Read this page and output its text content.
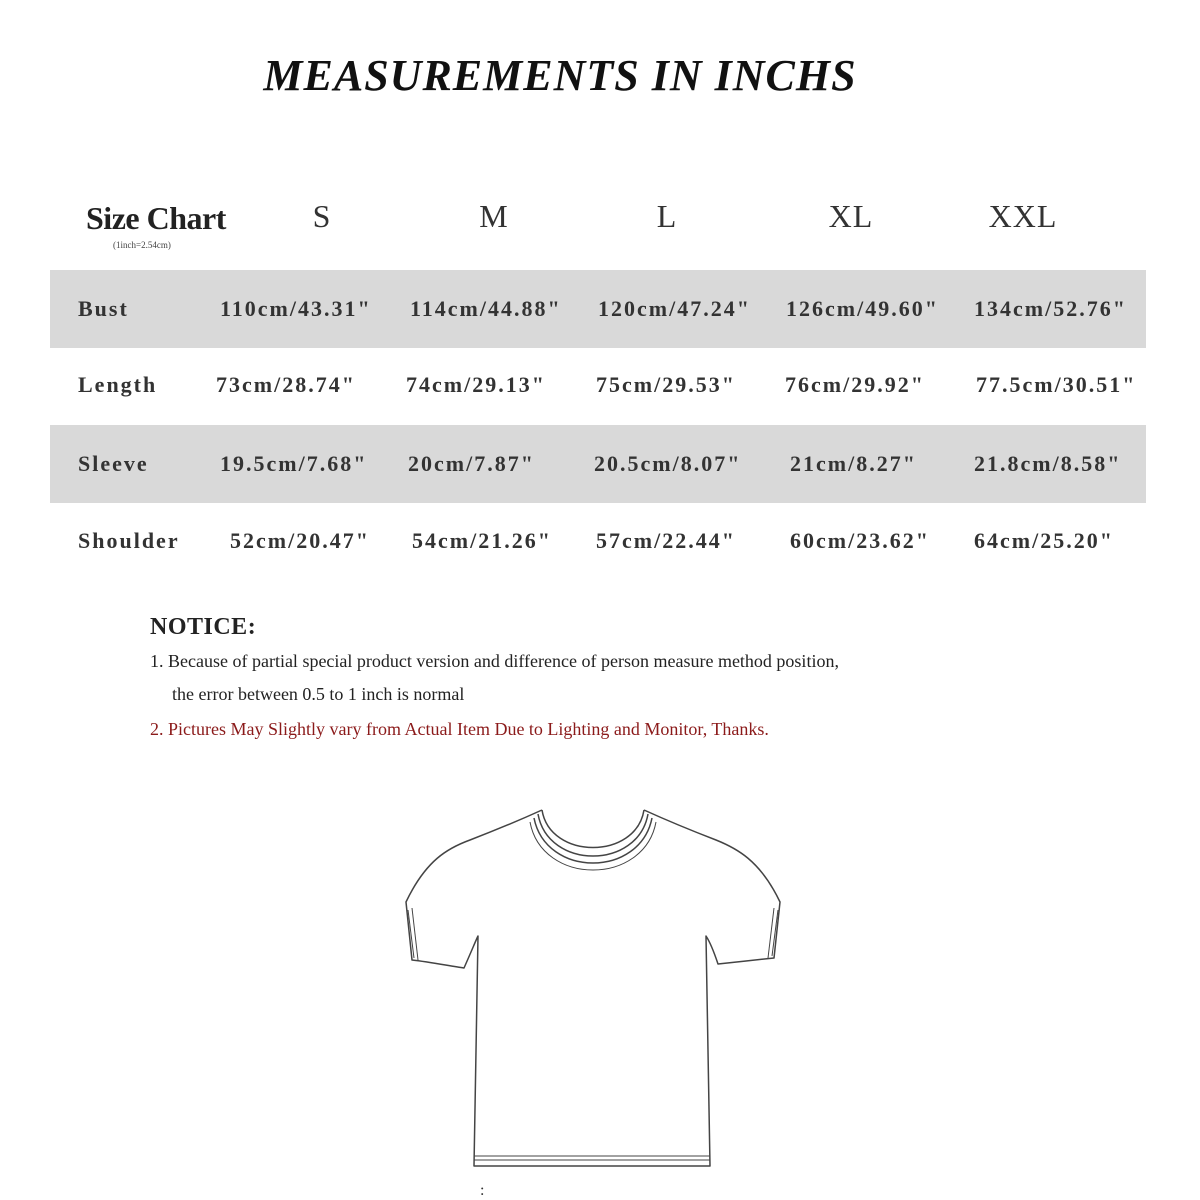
MEASUREMENTS IN INCHS
Size Chart
(1inch=2.54cm)
S	M	L	XL	XXL
Bust	110cm/43.31" 114cm/44.88" 120cm/47.24" 126cm/49.60" 134cm/52.76"
Length	73cm/28.74" 74cm/29.13" 75cm/29.53" 76cm/29.92" 77.5cm/30.51"
Sleeve	19.5cm/7.68" 20cm/7.87"	20.5cm/8.07" 21cm/8.27"	21.8cm/8.58"
Shoulder 52cm/20.47" 54cm/21.26" 57cm/22.44" 60cm/23.62" 64cm/25.20"
NOTICE:
1. Because of partial special product version and difference of person measure method position,
the error between 0.5 to 1 inch is normal
2. Pictures May Slightly vary from Actual Item Due to Lighting and Monitor, Thanks.
:
